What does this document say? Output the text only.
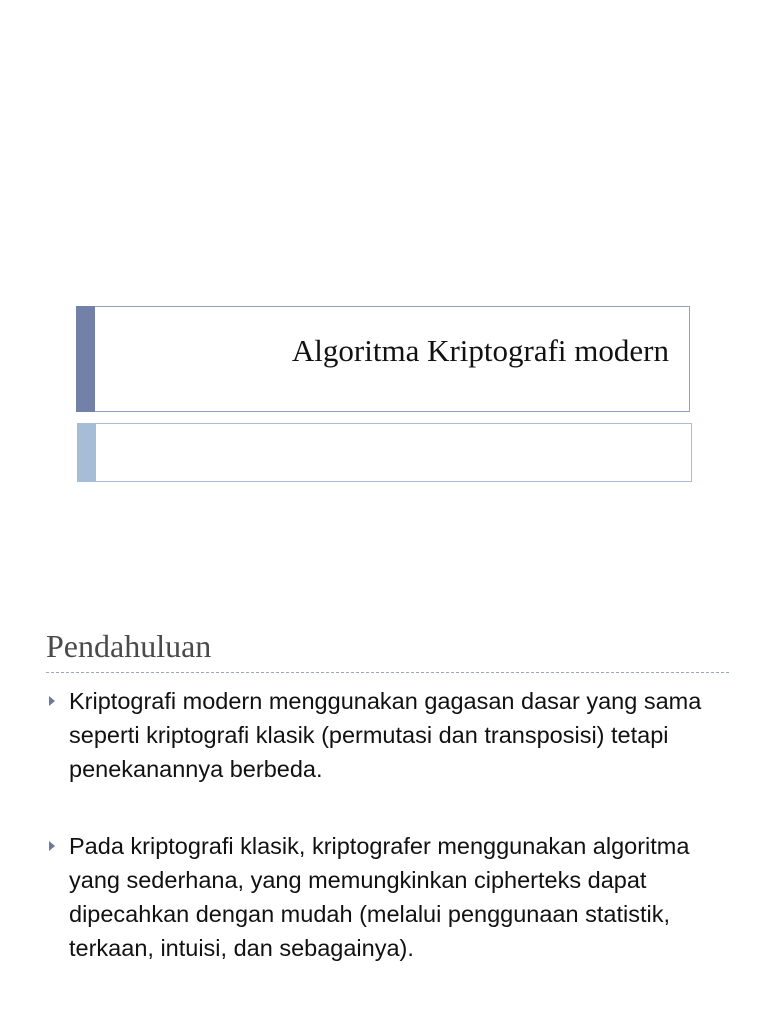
Algoritma Kriptografi modern
Pendahuluan
Kriptografi modern menggunakan gagasan dasar yang sama seperti kriptografi klasik (permutasi dan transposisi) tetapi penekanannya berbeda.
Pada kriptografi klasik, kriptografer menggunakan algoritma yang sederhana, yang memungkinkan cipherteks dapat dipecahkan dengan mudah (melalui penggunaan statistik, terkaan, intuisi, dan sebagainya).
